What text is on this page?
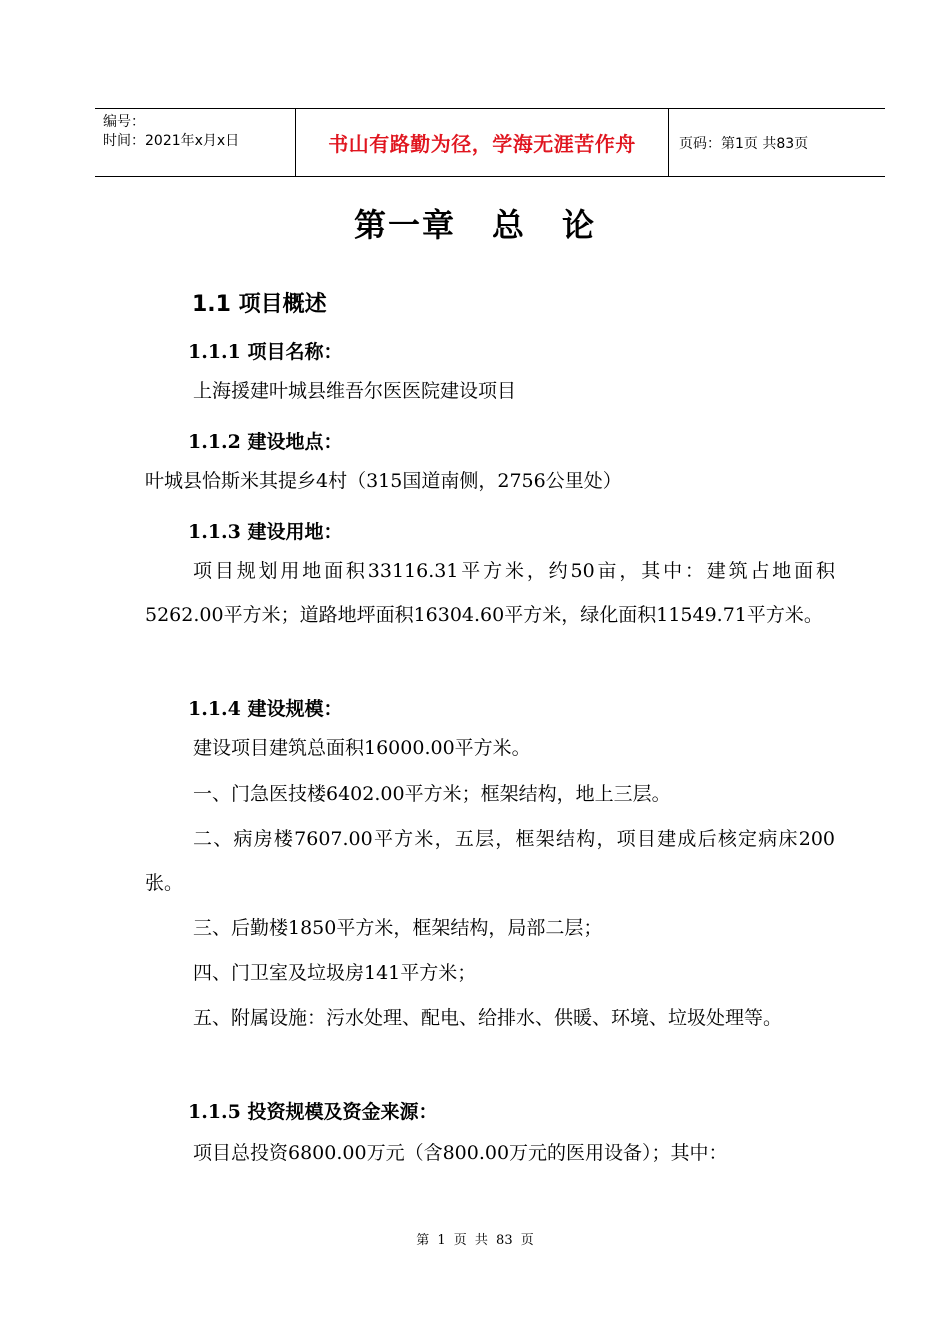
编号：
时间：2021年x月x日	书山有路勤为径，学海无涯苦作舟	页码：第1页 共83页
第一章 总 论
1.1 项目概述
1.1.1 项目名称：
上海援建叶城县维吾尔医医院建设项目
1.1.2 建设地点：
叶城县恰斯米其提乡4村（315国道南侧，2756公里处）
1.1.3 建设用地：
项目规划用地面积33116.31平方米，约50亩，其中：建筑占地面积5262.00平方米；道路地坪面积16304.60平方米，绿化面积11549.71平方米。
1.1.4 建设规模：
建设项目建筑总面积16000.00平方米。
一、门急医技楼6402.00平方米；框架结构，地上三层。
二、病房楼7607.00平方米，五层，框架结构，项目建成后核定病床200张。
三、后勤楼1850平方米，框架结构，局部二层；
四、门卫室及垃圾房141平方米；
五、附属设施：污水处理、配电、给排水、供暖、环境、垃圾处理等。
1.1.5 投资规模及资金来源：
项目总投资6800.00万元（含800.00万元的医用设备）；其中：
第 1 页 共 83 页
